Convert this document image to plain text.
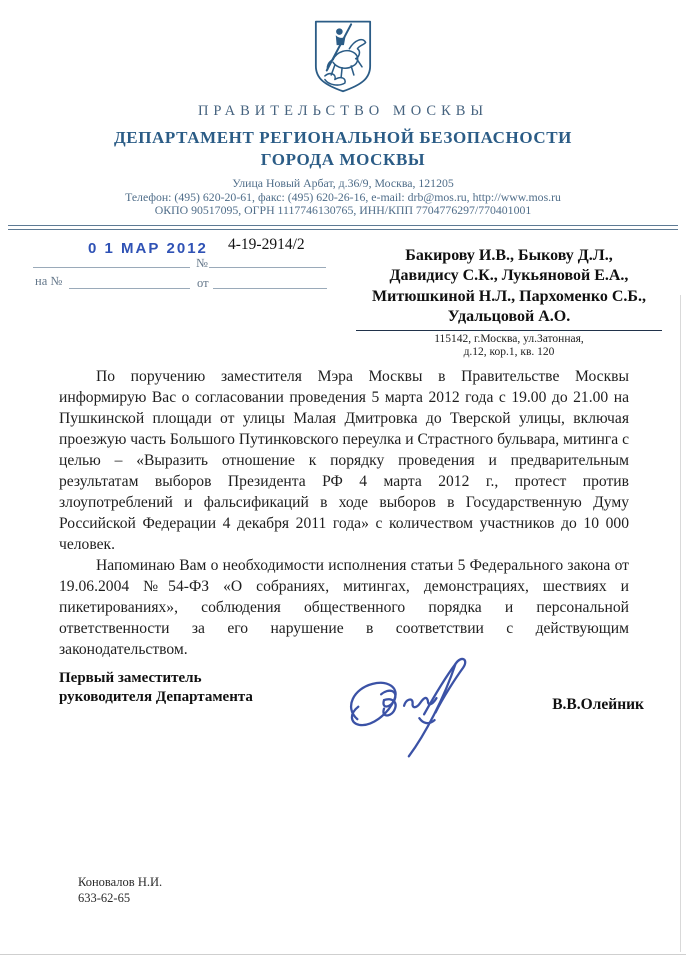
ПРАВИТЕЛЬСТВО МОСКВЫ
ДЕПАРТАМЕНТ РЕГИОНАЛЬНОЙ БЕЗОПАСНОСТИ
ГОРОДА МОСКВЫ
Улица Новый Арбат, д.36/9, Москва, 121205
Телефон: (495) 620-20-61, факс: (495) 620-26-16, e-mail: drb@mos.ru, http://www.mos.ru
ОКПО 90517095, ОГРН 1117746130765, ИНН/КПП 7704776297/770401001
0 1 МАР 2012 4-19-2914/2
№
на №	от
Бакирову И.В., Быкову Д.Л.,
Давидису С.К., Лукьяновой Е.А.,
Митюшкиной Н.Л., Пархоменко С.Б.,
Удальцовой А.О.
115142, г.Москва, ул.Затонная,
д.12, кор.1, кв. 120

По поручению заместителя Мэра Москвы в Правительстве Москвы информирую Вас о согласовании проведения 5 марта 2012 года с 19.00 до 21.00 на Пушкинской площади от улицы Малая Дмитровка до Тверской улицы, включая проезжую часть Большого Путинковского переулка и Страстного бульвара, митинга с целью – «Выразить отношение к порядку проведения и предварительным результатам выборов Президента РФ 4 марта 2012 г., протест против злоупотреблений и фальсификаций в ходе выборов в Государственную Думу Российской Федерации 4 декабря 2011 года» с количеством участников до 10 000 человек.

Напоминаю Вам о необходимости исполнения статьи 5 Федерального закона от 19.06.2004 №54-ФЗ «О собраниях, митингах, демонстрациях, шествиях и пикетированиях», соблюдения общественного порядка и персональной ответственности за его нарушение в соответствии с действующим законодательством.

Первый заместитель
руководителя Департамента	В.В.Олейник
Коновалов Н.И.
633-62-65
